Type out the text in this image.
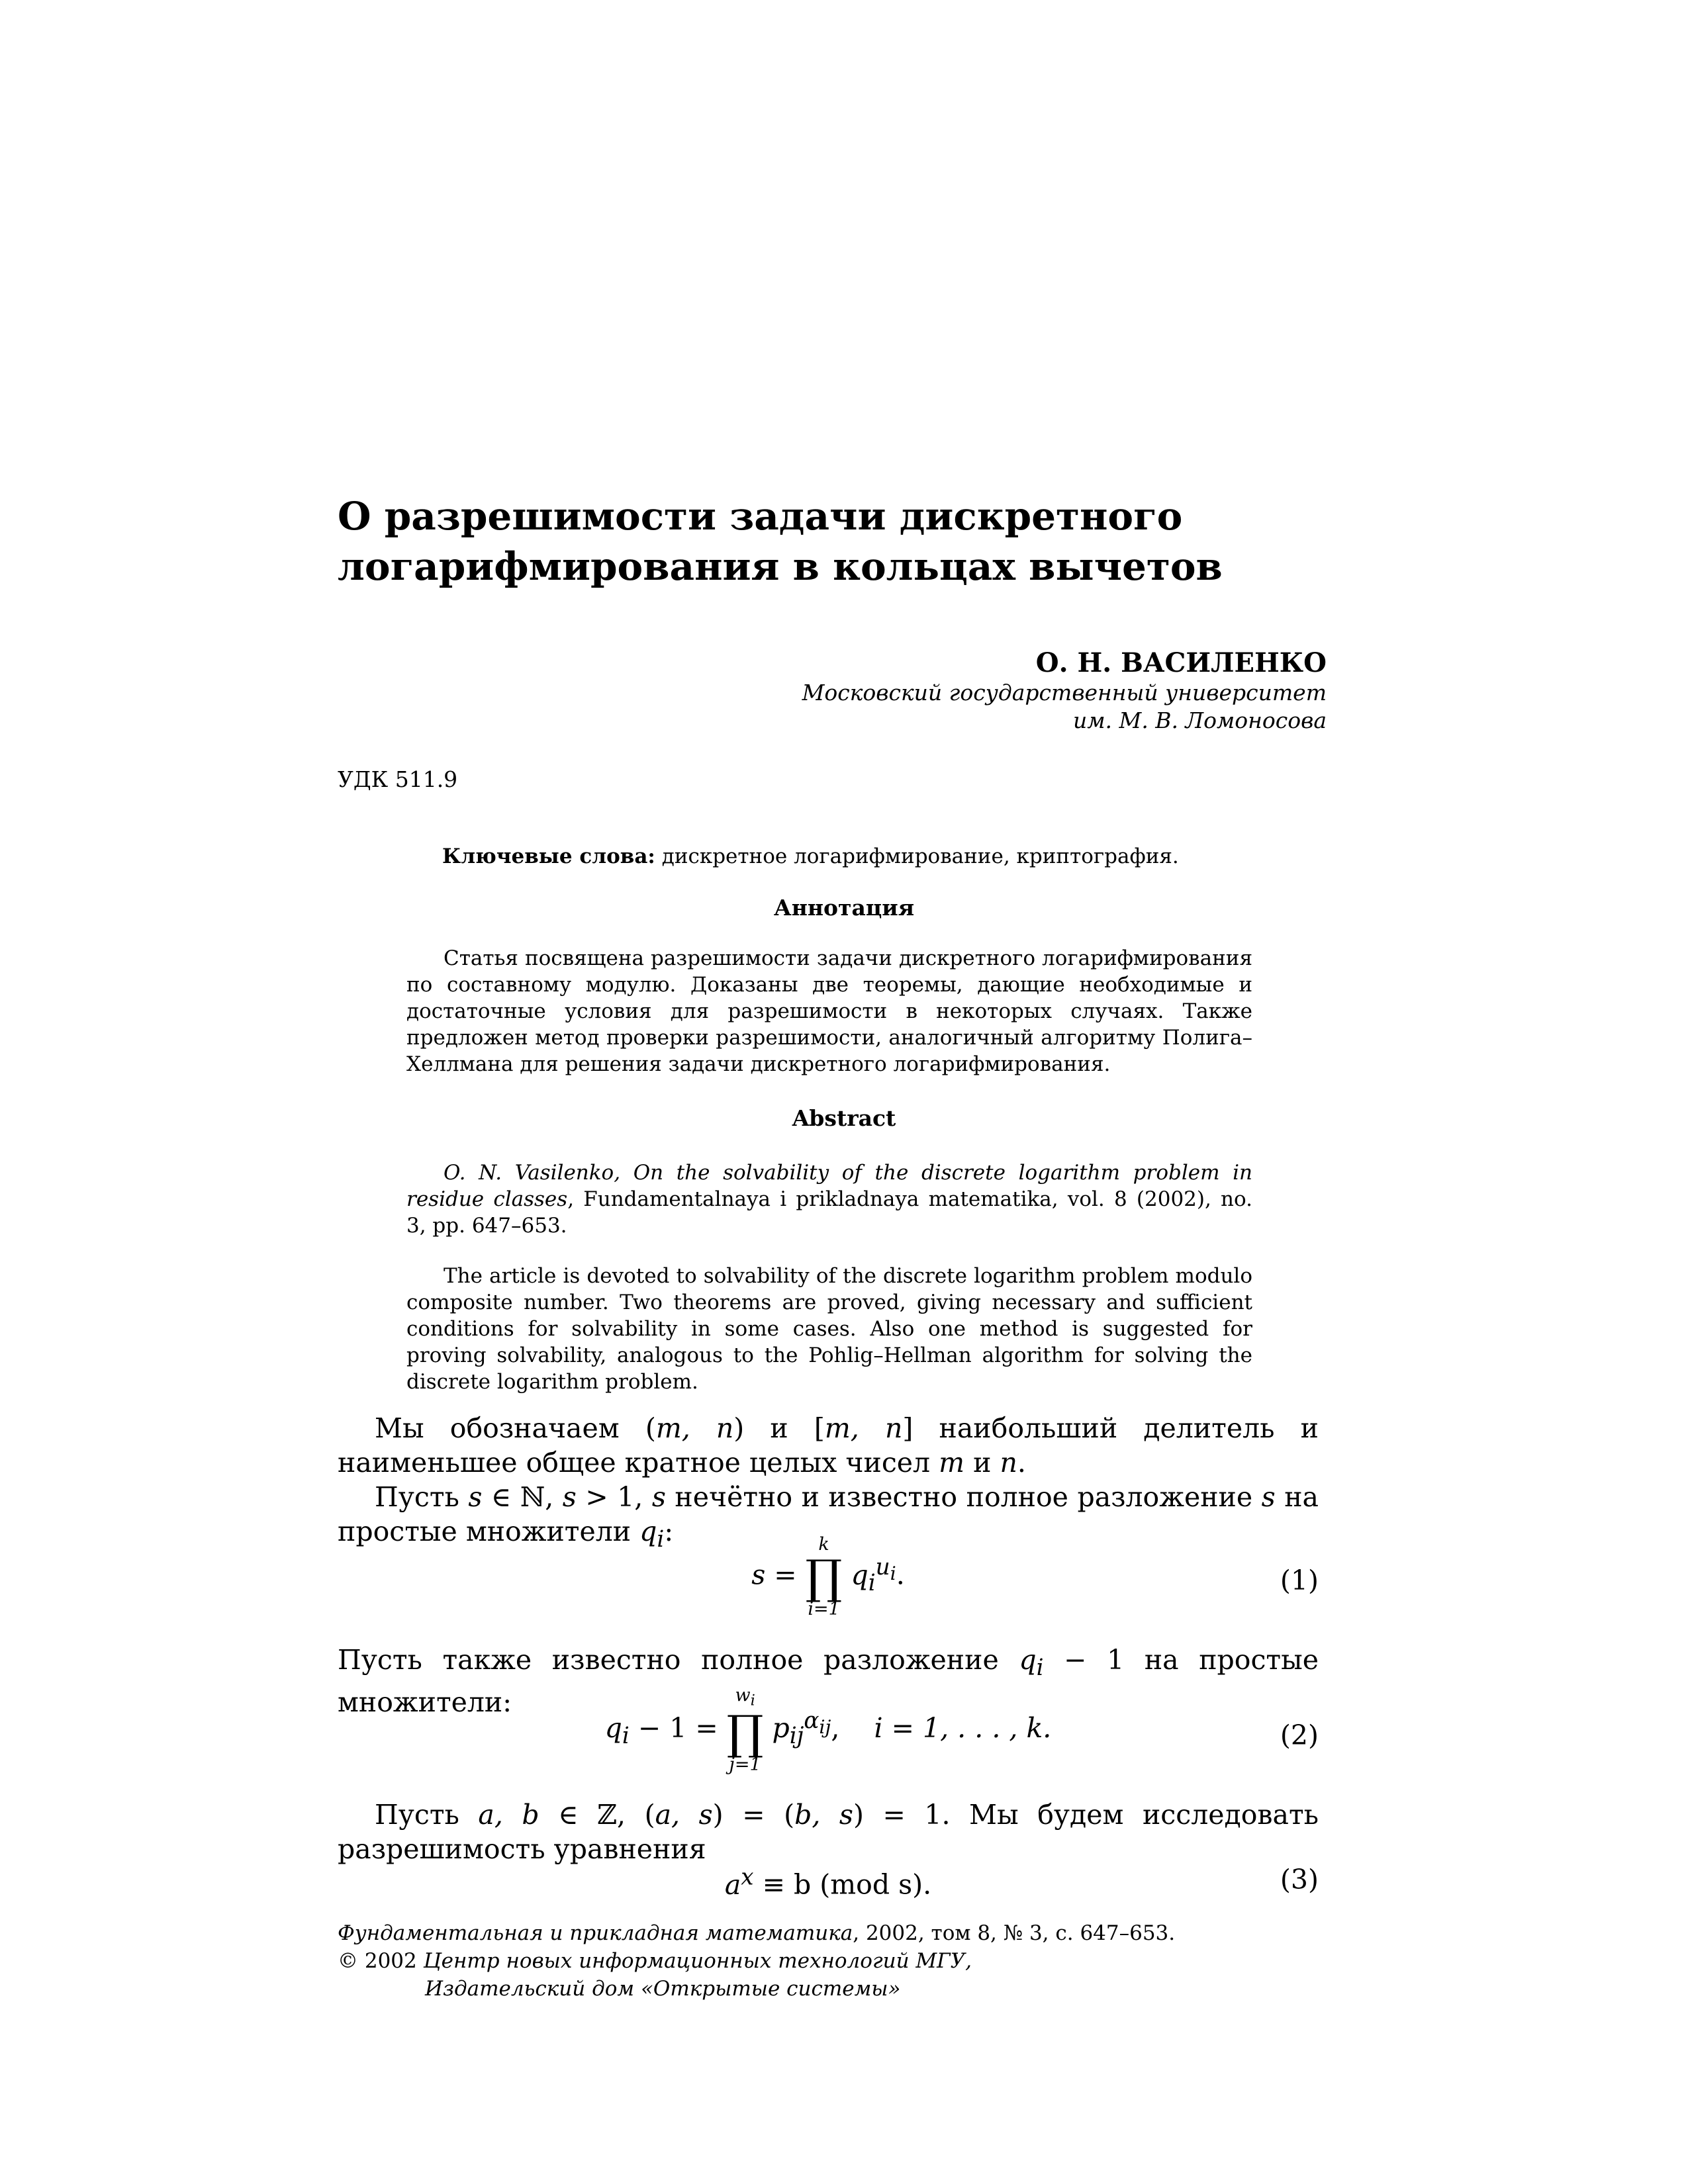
О разрешимости задачи дискретного
логарифмирования в кольцах вычетов
О. Н. ВАСИЛЕНКО
Московский государственный университет
им. М. В. Ломоносова
УДК 511.9
Ключевые слова: дискретное логарифмирование, криптография.
Аннотация
Статья посвящена разрешимости задачи дискретного логарифмирования по составному модулю. Доказаны две теоремы, дающие необходимые и достаточные условия для разрешимости в некоторых случаях. Также предложен метод проверки разрешимости, аналогичный алгоритму Полига–Хеллмана для решения задачи дискретного логарифмирования.
Abstract
O. N. Vasilenko, On the solvability of the discrete logarithm problem in residue classes, Fundamentalnaya i prikladnaya matematika, vol. 8 (2002), no. 3, pp. 647–653.
The article is devoted to solvability of the discrete logarithm problem modulo composite number. Two theorems are proved, giving necessary and sufficient conditions for solvability in some cases. Also one method is suggested for proving solvability, analogous to the Pohlig–Hellman algorithm for solving the discrete logarithm problem.
Мы обозначаем (m, n) и [m, n] наибольший делитель и наименьшее общее кратное целых чисел m и n.
Пусть s ∈ ℕ, s > 1, s нечётно и известно полное разложение s на простые множители $q_i$:
s =
k
∏
i=1
$q_i^{u_i}$.	(1)
Пусть также известно полное разложение $q_i - 1$ на простые множители:
$q_i - 1$ =
$w_i$
∏
j=1
$p_{ij}^{\alpha_{ij}}$,    i = 1, . . . , k.	(2)
Пусть a, b ∈ ℤ, (a, s) = (b, s) = 1. Мы будем исследовать разрешимость уравнения
$a^x \equiv b$ (mod s).	(3)
Фундаментальная и прикладная математика, 2002, том 8, № 3, с. 647–653.
© 2002 Центр новых информационных технологий МГУ,
Издательский дом «Открытые системы»
